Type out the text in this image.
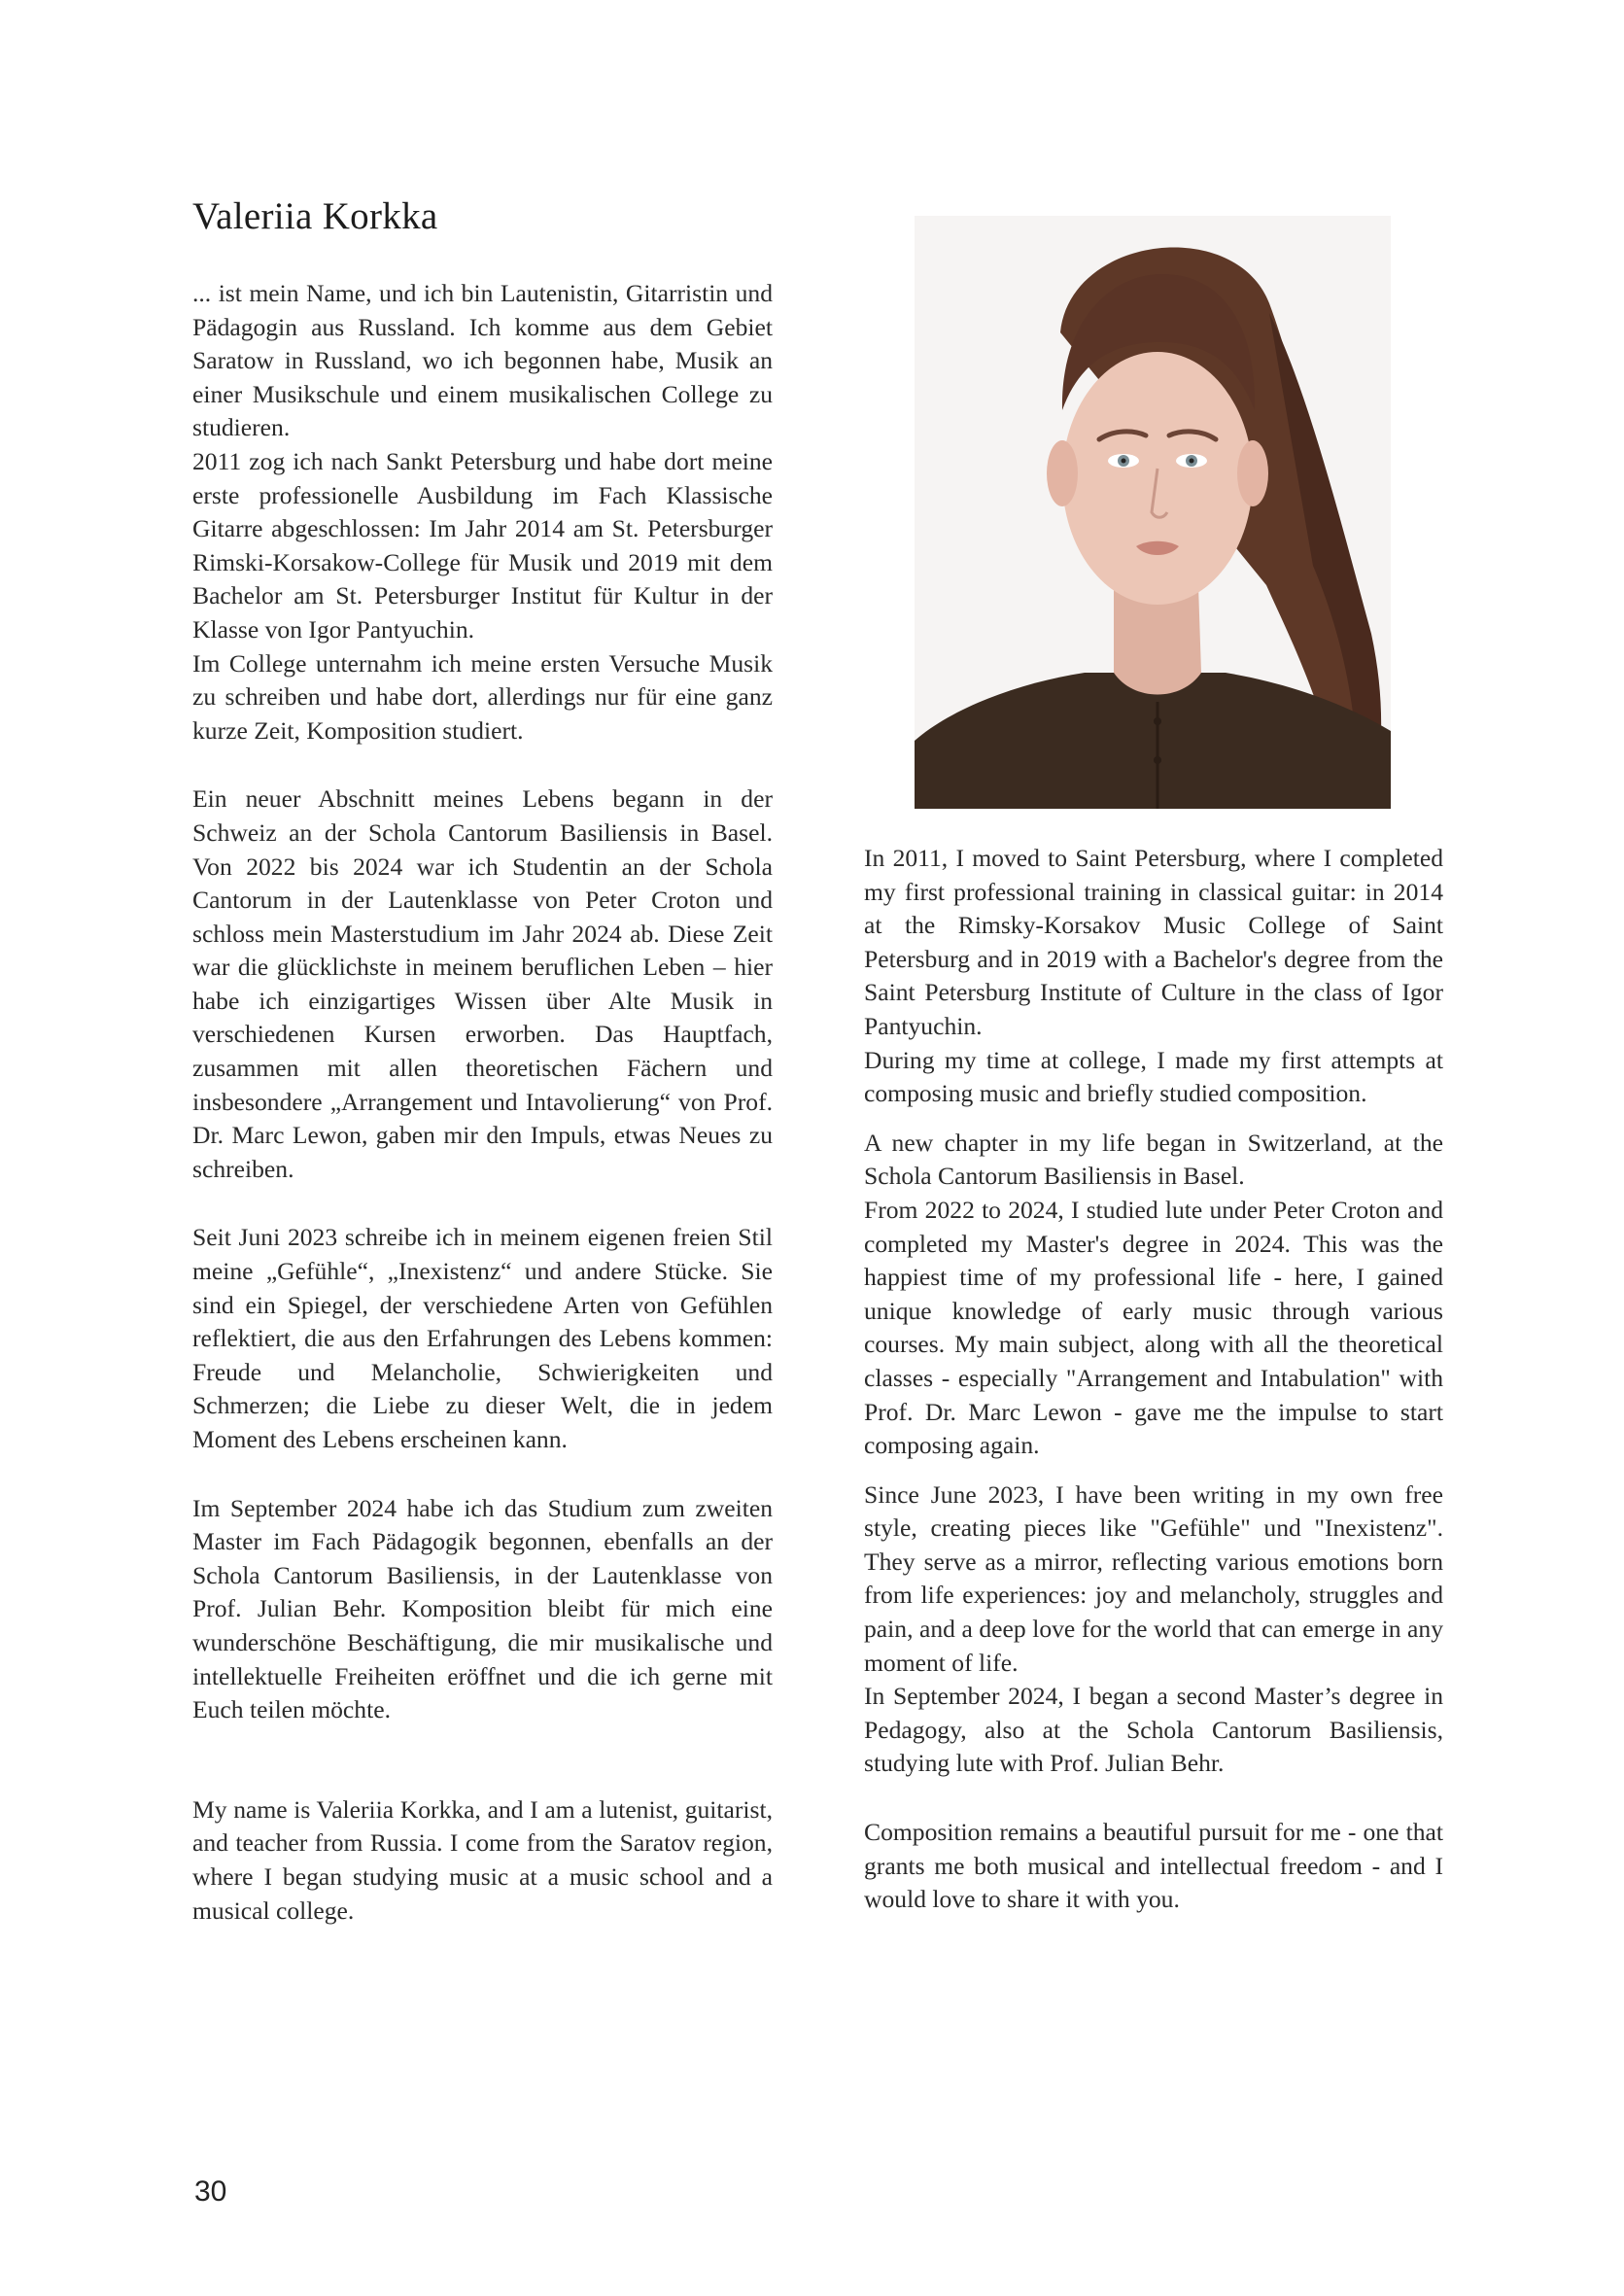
Valeriia Korkka

... ist mein Name, und ich bin Lautenistin, Gitarristin und Pädagogin aus Russland. Ich komme aus dem Gebiet Saratow in Russland, wo ich begonnen habe, Musik an einer Musikschule und einem musikalischen College zu studieren.

2011 zog ich nach Sankt Petersburg und habe dort meine erste professionelle Ausbildung im Fach Klassische Gitarre abgeschlossen: Im Jahr 2014 am St. Petersburger Rimski-Korsakow-College für Musik und 2019 mit dem Bachelor am St. Petersburger Institut für Kultur in der Klasse von Igor Pantyuchin.

Im College unternahm ich meine ersten Versuche Musik zu schreiben und habe dort, allerdings nur für eine ganz kurze Zeit, Komposition studiert.

Ein neuer Abschnitt meines Lebens begann in der Schweiz an der Schola Cantorum Basiliensis in Basel. Von 2022 bis 2024 war ich Studentin an der Schola Cantorum in der Lautenklasse von Peter Croton und schloss mein Masterstudium im Jahr 2024 ab. Diese Zeit war die glücklichste in meinem beruflichen Leben – hier habe ich einzigartiges Wissen über Alte Musik in verschiedenen Kursen erworben. Das Hauptfach, zusammen mit allen theoretischen Fächern und insbesondere „Arrangement und Intavolierung“ von Prof. Dr. Marc Lewon, gaben mir den Impuls, etwas Neues zu schreiben.

Seit Juni 2023 schreibe ich in meinem eigenen freien Stil meine „Gefühle“, „Inexistenz“ und andere Stücke. Sie sind ein Spiegel, der verschiedene Arten von Gefühlen reflektiert, die aus den Erfahrungen des Lebens kommen: Freude und Melancholie, Schwierigkeiten und Schmerzen; die Liebe zu dieser Welt, die in jedem Moment des Lebens erscheinen kann.

Im September 2024 habe ich das Studium zum zweiten Master im Fach Pädagogik begonnen, ebenfalls an der Schola Cantorum Basiliensis, in der Lautenklasse von Prof. Julian Behr. Komposition bleibt für mich eine wunderschöne Beschäftigung, die mir musikalische und intellektuelle Freiheiten eröffnet und die ich gerne mit Euch teilen möchte.

My name is Valeriia Korkka, and I am a lutenist, guitarist, and teacher from Russia. I come from the Saratov region, where I began studying music at a music school and a musical college.

In 2011, I moved to Saint Petersburg, where I completed my first professional training in classical guitar: in 2014 at the Rimsky-Korsakov Music College of Saint Petersburg and in 2019 with a Bachelor's degree from the Saint Petersburg Institute of Culture in the class of Igor Pantyuchin.

During my time at college, I made my first attempts at composing music and briefly studied composition.

A new chapter in my life began in Switzerland, at the Schola Cantorum Basiliensis in Basel.

From 2022 to 2024, I studied lute under Peter Croton and completed my Master's degree in 2024. This was the happiest time of my professional life - here, I gained unique knowledge of early music through various courses. My main subject, along with all the theoretical classes - especially "Arrangement and Intabulation" with Prof. Dr. Marc Lewon - gave me the impulse to start composing again.

Since June 2023, I have been writing in my own free style, creating pieces like "Gefühle" und "Inexistenz". They serve as a mirror, reflecting various emotions born from life experiences: joy and melancholy, struggles and pain, and a deep love for the world that can emerge in any moment of life.

In September 2024, I began a second Master’s degree in Pedagogy, also at the Schola Cantorum Basiliensis, studying lute with Prof. Julian Behr.

Composition remains a beautiful pursuit for me - one that grants me both musical and intellectual freedom - and I would love to share it with you.

30
